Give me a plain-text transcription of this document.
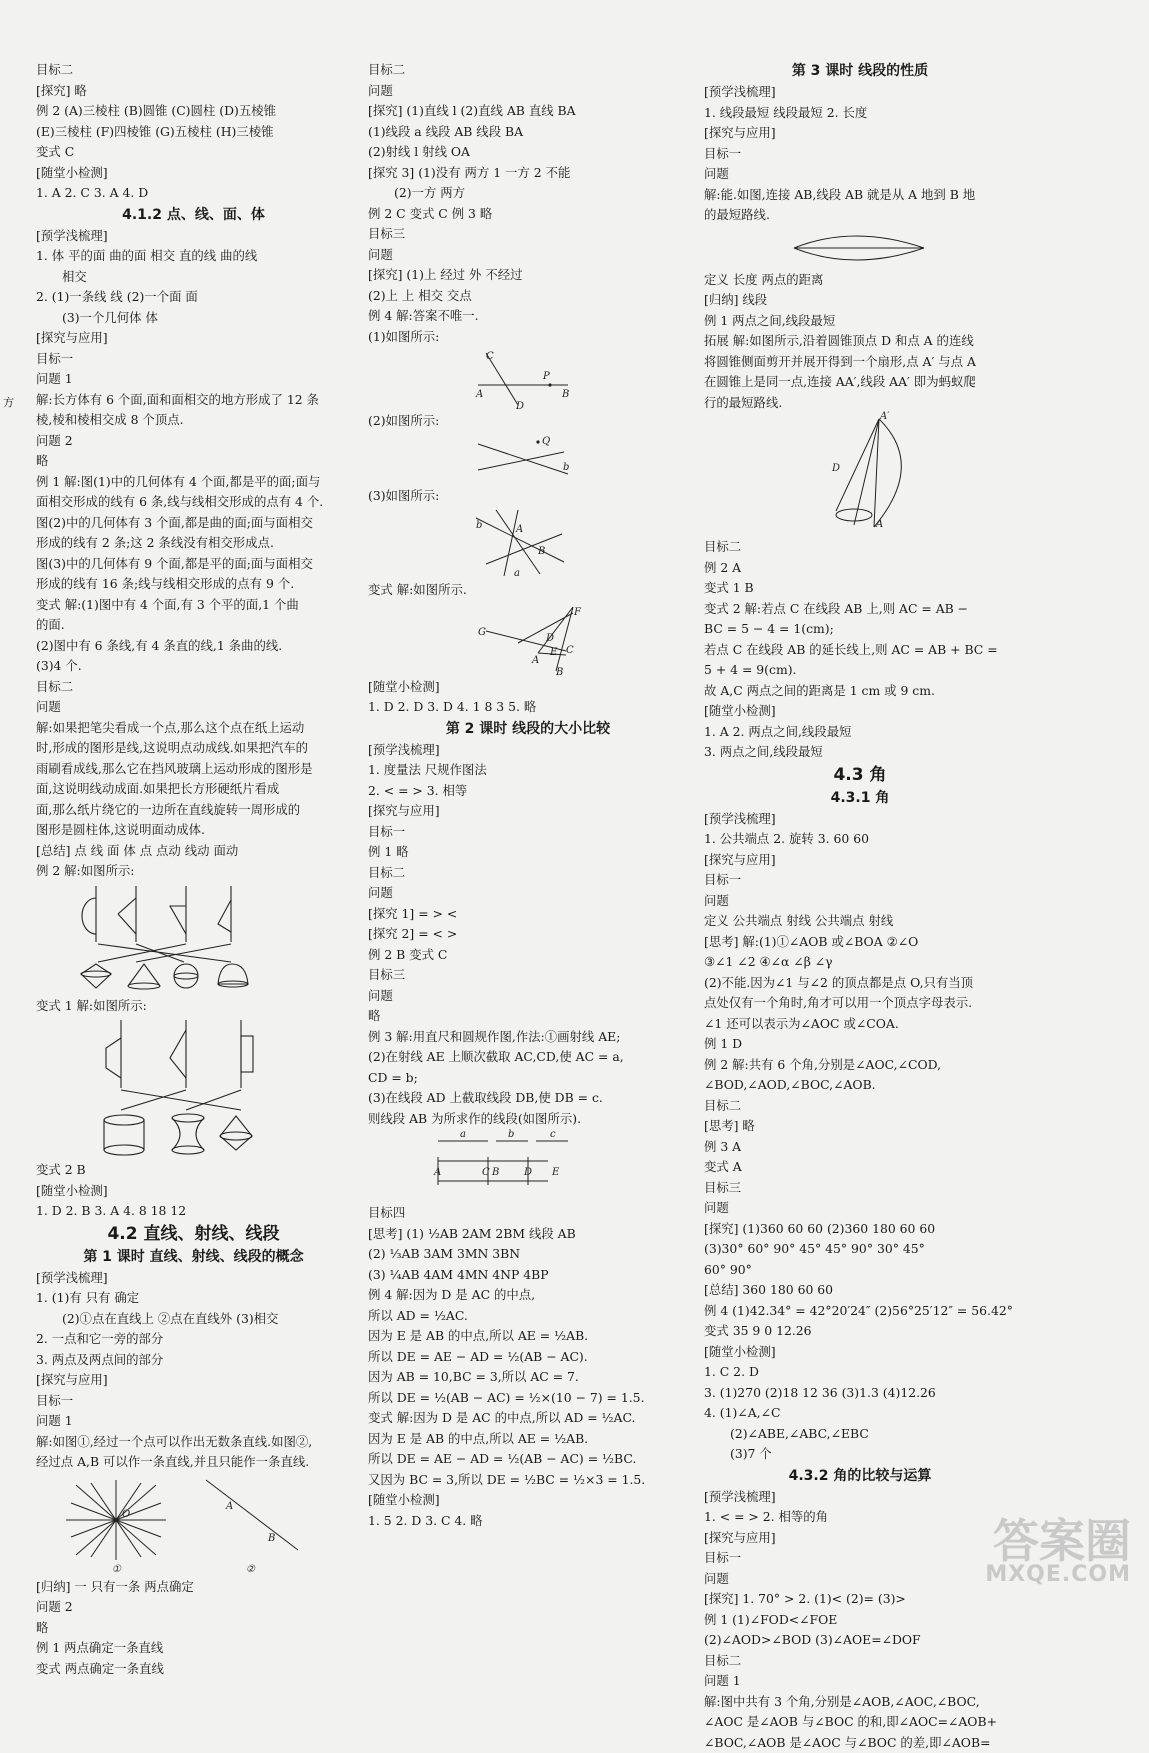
方
目标二
[探究] 略
例 2 (A)三棱柱 (B)圆锥 (C)圆柱 (D)五棱锥
(E)三棱柱 (F)四棱锥 (G)五棱柱 (H)三棱锥
变式 C
[随堂小检测]
1. A 2. C 3. A 4. D
4.1.2 点、线、面、体
[预学浅梳理]
1. 体 平的面 曲的面 相交 直的线 曲的线
相交
2. (1)一条线 线 (2)一个面 面
(3)一个几何体 体
[探究与应用]
目标一
问题 1
解:长方体有 6 个面,面和面相交的地方形成了 12 条
棱,棱和棱相交成 8 个顶点.
问题 2
略
例 1 解:图(1)中的几何体有 4 个面,都是平的面;面与
面相交形成的线有 6 条,线与线相交形成的点有 4 个.
图(2)中的几何体有 3 个面,都是曲的面;面与面相交
形成的线有 2 条;这 2 条线没有相交形成点.
图(3)中的几何体有 9 个面,都是平的面;面与面相交
形成的线有 16 条;线与线相交形成的点有 9 个.
变式 解:(1)图中有 4 个面,有 3 个平的面,1 个曲
的面.
(2)图中有 6 条线,有 4 条直的线,1 条曲的线.
(3)4 个.
目标二
问题
解:如果把笔尖看成一个点,那么这个点在纸上运动
时,形成的图形是线,这说明点动成线.如果把汽车的
雨刷看成线,那么它在挡风玻璃上运动形成的图形是
面,这说明线动成面.如果把长方形硬纸片看成
面,那么纸片绕它的一边所在直线旋转一周形成的
图形是圆柱体,这说明面动成体.
[总结] 点 线 面 体 点 点动 线动 面动
例 2 解:如图所示:
变式 1 解:如图所示:
变式 2 B
[随堂小检测]
1. D 2. B 3. A 4. 8 18 12
4.2 直线、射线、线段
第 1 课时 直线、射线、线段的概念
[预学浅梳理]
1. (1)有 只有 确定
(2)①点在直线上 ②点在直线外 (3)相交
2. 一点和它一旁的部分
3. 两点及两点间的部分
[探究与应用]
目标一
问题 1
解:如图①,经过一个点可以作出无数条直线.如图②,
经过点 A,B 可以作一条直线,并且只能作一条直线.
O
A
B
①	②
[归纳] 一 只有一条 两点确定
问题 2
略
例 1 两点确定一条直线
变式 两点确定一条直线
目标二
问题
[探究] (1)直线 l (2)直线 AB 直线 BA
(1)线段 a 线段 AB 线段 BA
(2)射线 l 射线 OA
[探究 3] (1)没有 两方 1 一方 2 不能
(2)一方 两方
例 2 C 变式 C 例 3 略
目标三
问题
[探究] (1)上 经过 外 不经过
(2)上 上 相交 交点
例 4 解:答案不唯一.
(1)如图所示:
C
P
A	B
D
(2)如图所示:
Q
b
(3)如图所示:
b	A
a
B
变式 解:如图所示.
F
G
D
C
E
A
B
[随堂小检测]
1. D 2. D 3. D 4. 1 8 3 5. 略
第 2 课时 线段的大小比较
[预学浅梳理]
1. 度量法 尺规作图法
2. < = > 3. 相等
[探究与应用]
目标一
例 1 略
目标二
问题
[探究 1] = > <
[探究 2] = < >
例 2 B 变式 C
目标三
问题
略
例 3 解:用直尺和圆规作图,作法:①画射线 AE;
(2)在射线 AE 上顺次截取 AC,CD,使 AC = a,
CD = b;
(3)在线段 AD 上截取线段 DB,使 DB = c.
则线段 AB 为所求作的线段(如图所示).
a	b	c
A	C B D E
目标四
[思考] (1) ½AB 2AM 2BM 线段 AB
(2) ⅓AB 3AM 3MN 3BN
(3) ¼AB 4AM 4MN 4NP 4BP
例 4 解:因为 D 是 AC 的中点,
所以 AD = ½AC.
因为 E 是 AB 的中点,所以 AE = ½AB.
所以 DE = AE − AD = ½(AB − AC).
因为 AB = 10,BC = 3,所以 AC = 7.
所以 DE = ½(AB − AC) = ½×(10 − 7) = 1.5.
变式 解:因为 D 是 AC 的中点,所以 AD = ½AC.
因为 E 是 AB 的中点,所以 AE = ½AB.
所以 DE = AE − AD = ½(AB − AC) = ½BC.
又因为 BC = 3,所以 DE = ½BC = ½×3 = 1.5.
[随堂小检测]
1. 5 2. D 3. C 4. 略
第 3 课时 线段的性质
[预学浅梳理]
1. 线段最短 线段最短 2. 长度
[探究与应用]
目标一
问题
解:能.如图,连接 AB,线段 AB 就是从 A 地到 B 地
的最短路线.
定义 长度 两点的距离
[归纳] 线段
例 1 两点之间,线段最短
拓展 解:如图所示,沿着圆锥顶点 D 和点 A 的连线
将圆锥侧面剪开并展开得到一个扇形,点 A′ 与点 A
在圆锥上是同一点,连接 AA′,线段 AA′ 即为蚂蚁爬
行的最短路线.
A′
D
A
目标二
例 2 A
变式 1 B
变式 2 解:若点 C 在线段 AB 上,则 AC = AB −
BC = 5 − 4 = 1(cm);
若点 C 在线段 AB 的延长线上,则 AC = AB + BC =
5 + 4 = 9(cm).
故 A,C 两点之间的距离是 1 cm 或 9 cm.
[随堂小检测]
1. A 2. 两点之间,线段最短
3. 两点之间,线段最短
4.3 角
4.3.1 角
[预学浅梳理]
1. 公共端点 2. 旋转 3. 60 60
[探究与应用]
目标一
问题
定义 公共端点 射线 公共端点 射线
[思考] 解:(1)①∠AOB 或∠BOA ②∠O
③∠1 ∠2 ④∠α ∠β ∠γ
(2)不能.因为∠1 与∠2 的顶点都是点 O,只有当顶
点处仅有一个角时,角才可以用一个顶点字母表示.
∠1 还可以表示为∠AOC 或∠COA.
例 1 D
例 2 解:共有 6 个角,分别是∠AOC,∠COD,
∠BOD,∠AOD,∠BOC,∠AOB.
目标二
[思考] 略
例 3 A
变式 A
目标三
问题
[探究] (1)360 60 60 (2)360 180 60 60
(3)30° 60° 90° 45° 45° 90° 30° 45°
60° 90°
[总结] 360 180 60 60
例 4 (1)42.34° = 42°20′24″ (2)56°25′12″ = 56.42°
变式 35 9 0 12.26
[随堂小检测]
1. C 2. D
3. (1)270 (2)18 12 36 (3)1.3 (4)12.26
4. (1)∠A,∠C
(2)∠ABE,∠ABC,∠EBC
(3)7 个
4.3.2 角的比较与运算
[预学浅梳理]
1. < = > 2. 相等的角
[探究与应用]
目标一
问题
[探究] 1. 70° > 2. (1)< (2)= (3)>
例 1 (1)∠FOD<∠FOE
(2)∠AOD>∠BOD (3)∠AOE=∠DOF
目标二
问题 1
解:图中共有 3 个角,分别是∠AOB,∠AOC,∠BOC,
∠AOC 是∠AOB 与∠BOC 的和,即∠AOC=∠AOB+
∠BOC,∠AOB 是∠AOC 与∠BOC 的差,即∠AOB=
答案圈
MXQE.COM
